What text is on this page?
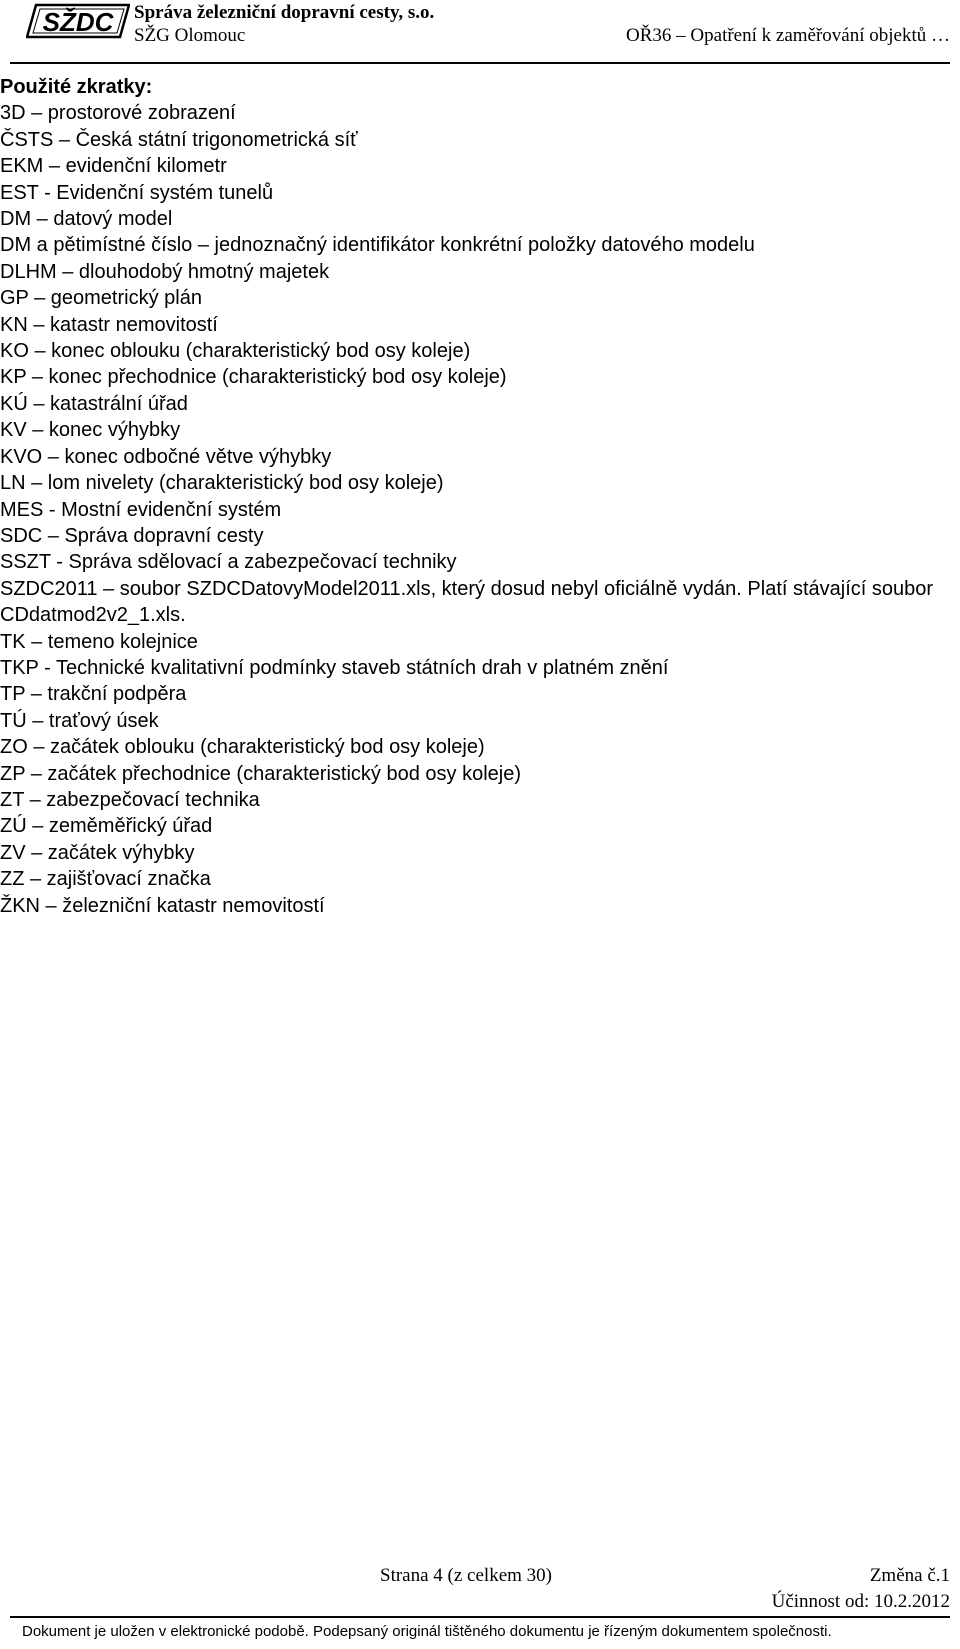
SŽDC Správa železniční dopravní cesty, s.o.
SŽG Olomouc	OŘ36 – Opatření k zaměřování objektů …
Použité zkratky:
3D – prostorové zobrazení
ČSTS – Česká státní trigonometrická síť
EKM – evidenční kilometr
EST - Evidenční systém tunelů
DM – datový model
DM a pětimístné číslo – jednoznačný identifikátor konkrétní položky datového modelu
DLHM – dlouhodobý hmotný majetek
GP – geometrický plán
KN – katastr nemovitostí
KO – konec oblouku (charakteristický bod osy koleje)
KP – konec přechodnice (charakteristický bod osy koleje)
KÚ – katastrální úřad
KV – konec výhybky
KVO – konec odbočné větve výhybky
LN – lom nivelety (charakteristický bod osy koleje)
MES - Mostní evidenční systém
SDC – Správa dopravní cesty
SSZT - Správa sdělovací a zabezpečovací techniky
SZDC2011 – soubor SZDCDatovyModel2011.xls, který dosud nebyl oficiálně vydán. Platí stávající soubor CDdatmod2v2_1.xls.
TK – temeno kolejnice
TKP - Technické kvalitativní podmínky staveb státních drah v platném znění
TP – trakční podpěra
TÚ – traťový úsek
ZO – začátek oblouku (charakteristický bod osy koleje)
ZP – začátek přechodnice (charakteristický bod osy koleje)
ZT – zabezpečovací technika
ZÚ – zeměměřický úřad
ZV – začátek výhybky
ZZ – zajišťovací značka
ŽKN – železniční katastr nemovitostí
Strana 4 (z celkem 30)	Změna č.1
Účinnost od: 10.2.2012
Dokument je uložen v elektronické podobě. Podepsaný originál tištěného dokumentu je řízeným dokumentem společnosti.
